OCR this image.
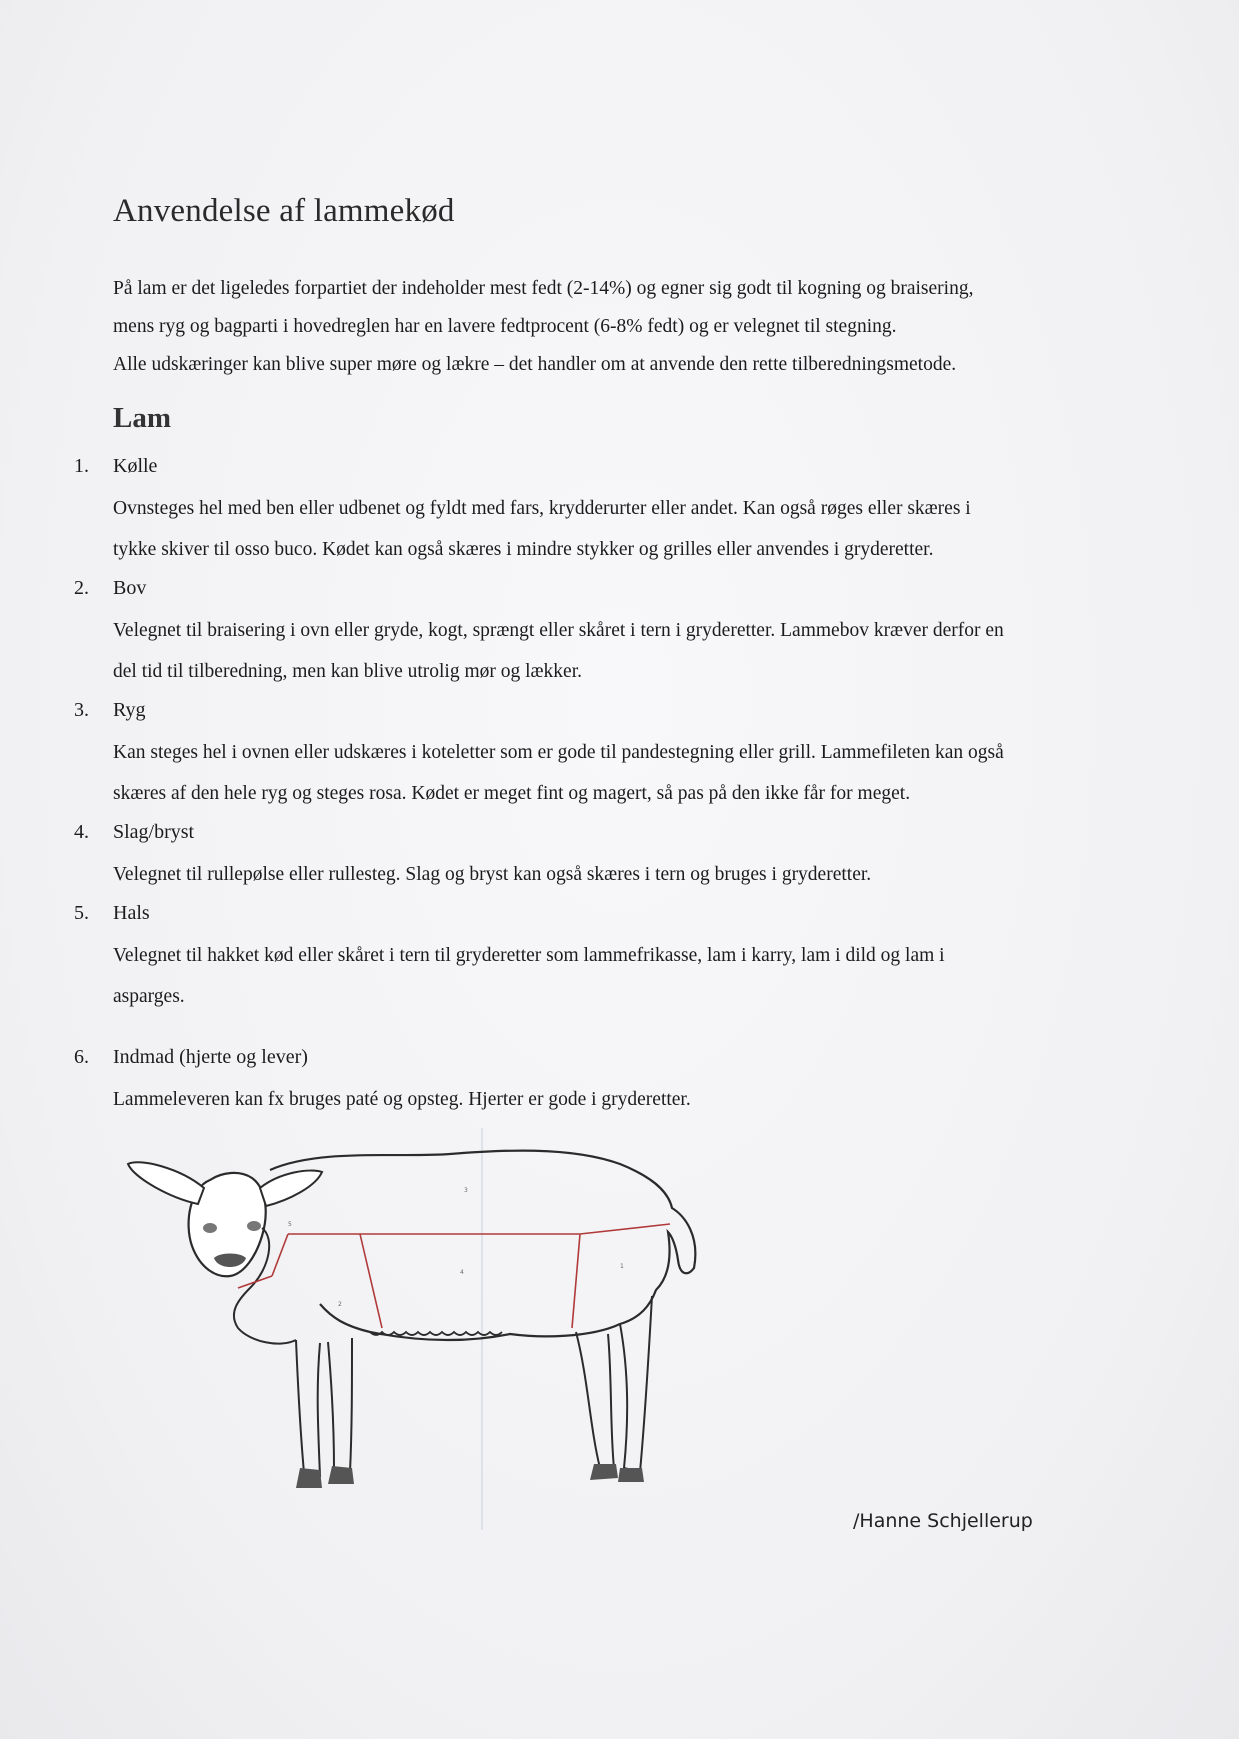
Anvendelse af lammekød

På lam er det ligeledes forpartiet der indeholder mest fedt (2-14%) og egner sig godt til kogning og braisering,

mens ryg og bagparti i hovedreglen har en lavere fedtprocent (6-8% fedt) og er velegnet til stegning.

Alle udskæringer kan blive super møre og lækre – det handler om at anvende den rette tilberedningsmetode.

Lam
1.	Kølle
Ovnsteges hel med ben eller udbenet og fyldt med fars, krydderurter eller andet. Kan også røges eller skæres i
tykke skiver til osso buco. Kødet kan også skæres i mindre stykker og grilles eller anvendes i gryderetter.
2.	Bov
Velegnet til braisering i ovn eller gryde, kogt, sprængt eller skåret i tern i gryderetter. Lammebov kræver derfor en
del tid til tilberedning, men kan blive utrolig mør og lækker.
3.	Ryg
Kan steges hel i ovnen eller udskæres i koteletter som er gode til pandestegning eller grill. Lammefileten kan også
skæres af den hele ryg og steges rosa. Kødet er meget fint og magert, så pas på den ikke får for meget.
4.	Slag/bryst
Velegnet til rullepølse eller rullesteg. Slag og bryst kan også skæres i tern og bruges i gryderetter.
5.	Hals
Velegnet til hakket kød eller skåret i tern til gryderetter som lammefrikasse, lam i karry, lam i dild og lam i
asparges.
6.	Indmad (hjerte og lever)
Lammeleveren kan fx bruges paté og opsteg. Hjerter er gode i gryderetter.
1
2
3
4
5
/Hanne Schjellerup
